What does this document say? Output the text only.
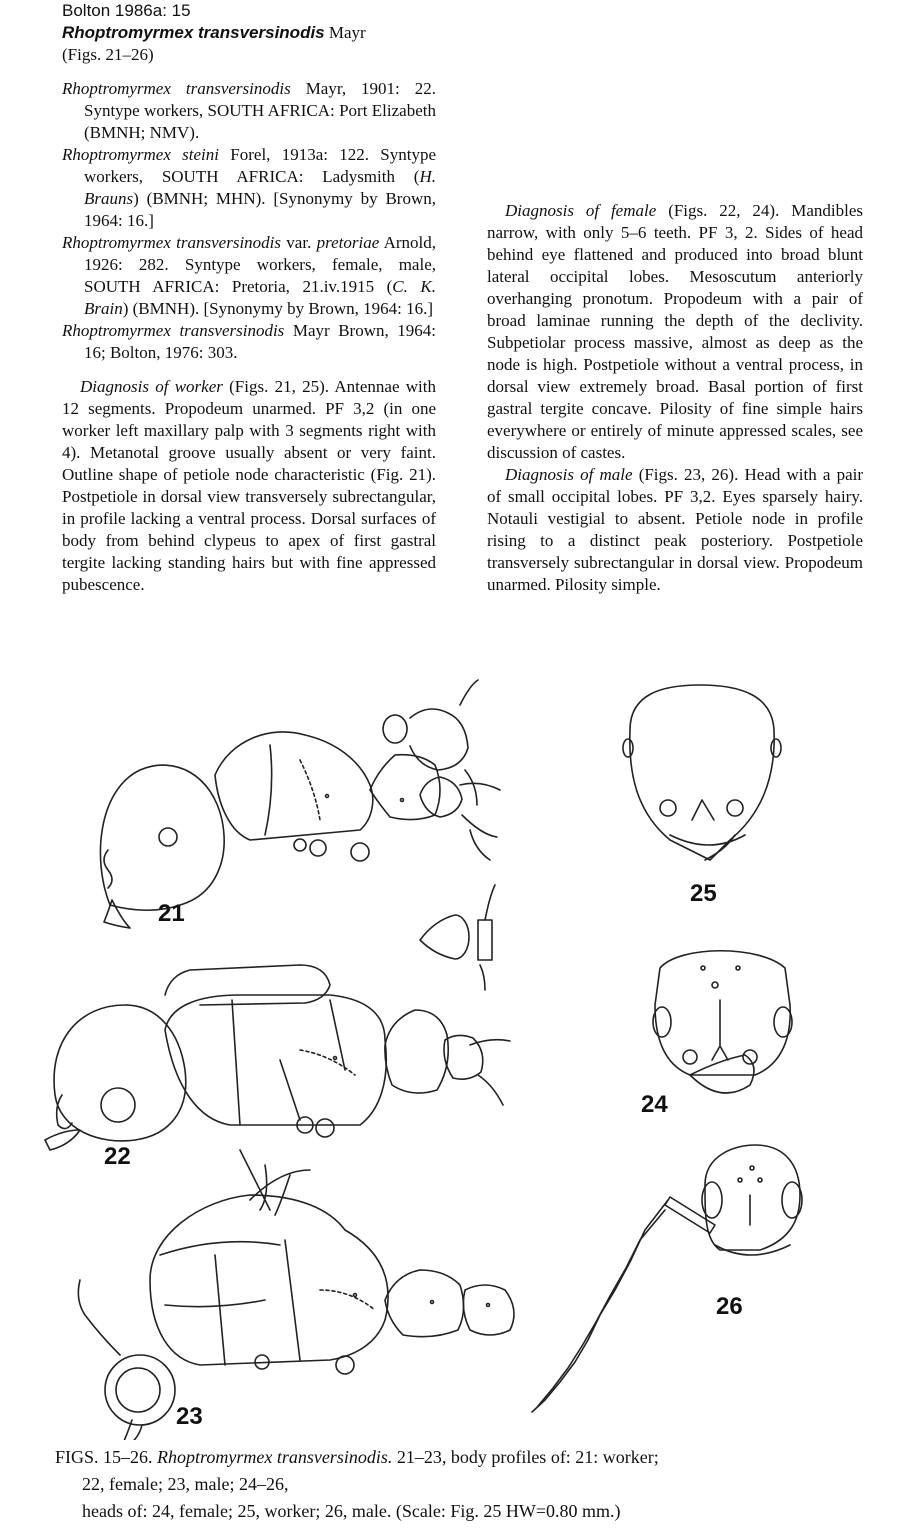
Bolton 1986a: 15
Rhoptromyrmex transversinodis Mayr
(Figs. 21–26)

Rhoptromyrmex transversinodis Mayr, 1901: 22. Syntype workers, SOUTH AFRICA: Port Elizabeth (BMNH; NMV).

Rhoptromyrmex steini Forel, 1913a: 122. Syntype workers, SOUTH AFRICA: Ladysmith (H. Brauns) (BMNH; MHN). [Synonymy by Brown, 1964: 16.]

Rhoptromyrmex transversinodis var. pretoriae Arnold, 1926: 282. Syntype workers, female, male, SOUTH AFRICA: Pretoria, 21.iv.1915 (C. K. Brain) (BMNH). [Synonymy by Brown, 1964: 16.]

Rhoptromyrmex transversinodis Mayr Brown, 1964: 16; Bolton, 1976: 303.

Diagnosis of worker (Figs. 21, 25). Antennae with 12 segments. Propodeum unarmed. PF 3,2 (in one worker left maxillary palp with 3 segments right with 4). Metanotal groove usually absent or very faint. Outline shape of petiole node characteristic (Fig. 21). Postpetiole in dorsal view transversely subrectangular, in profile lacking a ventral process. Dorsal surfaces of body from behind clypeus to apex of first gastral tergite lacking standing hairs but with fine appressed pubescence.

Diagnosis of female (Figs. 22, 24). Mandibles narrow, with only 5–6 teeth. PF 3, 2. Sides of head behind eye flattened and produced into broad blunt lateral occipital lobes. Mesoscutum anteriorly overhanging pronotum. Propodeum with a pair of broad laminae running the depth of the declivity. Subpetiolar process massive, almost as deep as the node is high. Postpetiole without a ventral process, in dorsal view extremely broad. Basal portion of first gastral tergite concave. Pilosity of fine simple hairs everywhere or entirely of minute appressed scales, see discussion of castes.

Diagnosis of male (Figs. 23, 26). Head with a pair of small occipital lobes. PF 3,2. Eyes sparsely hairy. Notauli vestigial to absent. Petiole node in profile rising to a distinct peak posteriory. Postpetiole transversely subrectangular in dorsal view. Propodeum unarmed. Pilosity simple.

21
22
23
24
25
26
FIGS. 15–26. Rhoptromyrmex transversinodis. 21–23, body profiles of: 21: worker;
22, female; 23, male; 24–26,
heads of: 24, female; 25, worker; 26, male. (Scale: Fig. 25 HW=0.80 mm.)
